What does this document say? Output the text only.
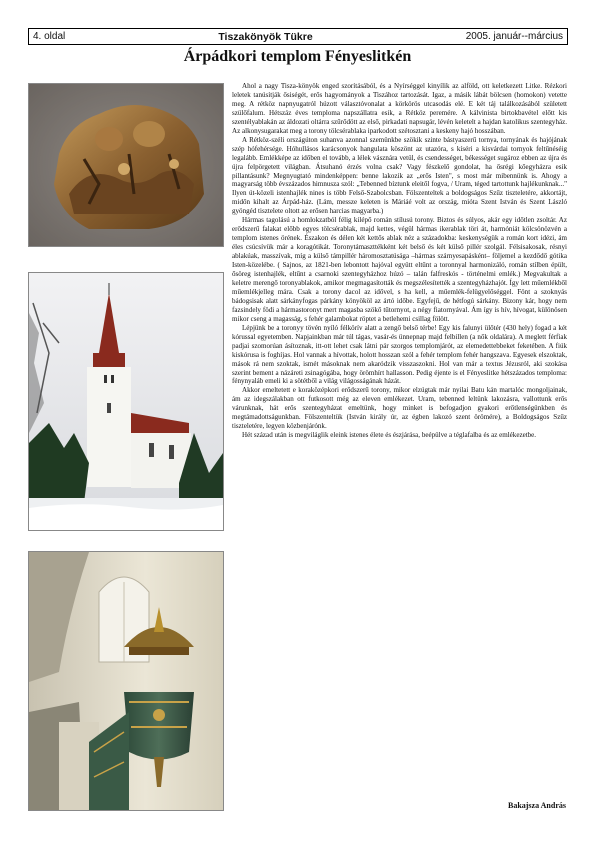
4. oldal	Tiszakönyök Tükre	2005. január--március
Árpádkori templom Fényeslitkén

Ahol a nagy Tisza-könyök enged szorításából, és a Nyírséggel kinyílik az alföld, ott keletkezett Litke. Rézkori leletek tanúsítják ősiségét, erős hagyományok a Tiszához tartozását. Igaz, a másik lábát bölcsen (homokon) vetette meg. A rétköz napnyugatról húzott választóvonalat a körkörös utcasodás elé. E két táj találkozásából született szülőfalum. Hétszáz éves temploma napszállatra esik, a Rétköz peremére. A kálvinista birtokbavétel előtt kis szentélyablakán az áldozati oltárra szűrődött az első, pirkadati napsugár, lévén keletelt a hajdan katolikus szentegyház. Az alkonysugarakat meg a torony tölcsérablaka iparkodott szétosztani a keskeny hajó hosszában.

A Rétköz-széli országúton suhanva azonnal szemünkbe szökik szinte bástyaszerű tornya, tornyának és hajójának szép hófehérsége. Hóhullásos karácsonyok hangulata köszönt az utazóra, s kíséri a kisvárdai tornyok feltűnéséig legalább. Emlékképe az időben el tovább, a lélek vásznára vetül, és csendességet, békességet sugároz ebben az újra és újra felpörgetett világban. Átsuhanó érzés volna csak? Vagy fészkelő gondolat, ha ősrégi kőegyházra esik pillantásunk? Megnyugtató mindenképpen: benne lakozik az „erős Isten", s most már mibennünk is. Ahogy a magyarság több évszázados himnusza szól: „Tebenned bíztunk eleitől fogva, / Uram, téged tartottunk hajlékunknak..." Ilyen út-közeli istenhajlék nines is több Felső-Szabolcsban. Fölszenteltek a boldogságos Szűz tiszteletére, akkortájt, midőn kihalt az Árpád-ház. (Lám, messze keleten is Máriáé volt az ország, mióta Szent István és Szent László gyöngéd tisztelete oltott az erősen harcias magyarba.)

Hármas tagolású a homlokzatból félig kilépő román stílusú torony. Biztos és súlyos, akár egy időtlen zsoltár. Az erődszerű falakat előbb egyes tölcsérablak, majd kettes, végül hármas ikerablak töri át, harmóniát kölcsönözvén a templom istenes örének. Északon és délen két kettős ablak néz a századokba: keskenységük a román kort idézi, ám éles csúcsívük már a koragótikát. Toronytámaszttékként két belső és két külső pillér szolgál. Félsisakosak, résnyi ablakúak, masszívak, míg a külső támpillér háromosztatúsága –hármas szárnyesapásként– följemel a kezdődő gótika Isten-közelébe. ( Sajnos, az 1821-ben lebontott hajóval együtt eltűnt a toronnyal harmonizáló, román stílben épült, ősöreg istenhajlék, eltűnt a csarnoki szentegyházhoz húzó – talán falfreskós - történelmi emlék.) Megvakultak a keletre merengő toronyablakok, amikor megmagasították és megszélesítették a szentegyházhajót. Így lett műemlékből műemlékjelleg mára. Csak a torony dacol az idővel, s ha kell, a műemlék-felügyelőséggel. Fönt a szoknyás bádogsisak alatt sárkányfogas párkány könyököl az ártó időbe. Egyfejű, de hétfogú sárkány. Bizony kár, hogy nem fazsindely födi a hármastoronyt mert magasba szökő tűtornyot, a négy fiatornyával. Ám így is hív, hívogat, különösen mikor cseng a magasság, s fehér galambokat röptet a betlehemi csillag fölött.

Lépjünk be a toronyy tövén nyíló félkörív alatt a zengő belső térbe! Egy kis falunyi ülőtér (430 hely) fogad a két kórussal egyetemben. Napjainkban már túl tágas, vasár-és ünnepnap majd felbillen (a nők oldalára). A meglett férfiak padjai szomorúan ásítoznak, itt-ott lehet csak látni pár szorgos templomjárót, az elemedettebbeket feketében. A fiúk kiskórusa is foghíjas. Hol vannak a hívottak, holott hosszan szól a fehér templom fehér hangszava. Egyesek elszoktak, mások rá nem szoktak, ismét másoknak nem akaródzik visszaszokni. Hol van már a textus Jézusról, aki szokása szerint bement a názáreti zsinagógába, hogy örömhírt hallasson. Pedig éjente is el Fényeslitke hétszázados temploma: fénynyaláb emeli ki a sötétből a világ világosságának házát.

Akkor emeltetett e koraközépkori erődszerű torony, mikor elzúgtak már nyilai Batu kán martalóc mongoljainak, ám az idegszálakban ott futkosott még az eleven emlékezet. Uram, tebenned leltünk lakozásra, vallottunk erős várunknak, hát erős szentegyházat emeltünk, hogy minket is befogadjon gyakori erőtlenségünkben és megtámadottságunkban. Fölszenteltük (István király úr, az égben lakozó szent örömére), a Boldogságos Szűz tiszteletére, legyen közbenjárónk.

Hét század után is megviláglik eleink istenes élete és észjárása, beépülve a téglafalba és az emlékezetbe.

Bakajsza András
